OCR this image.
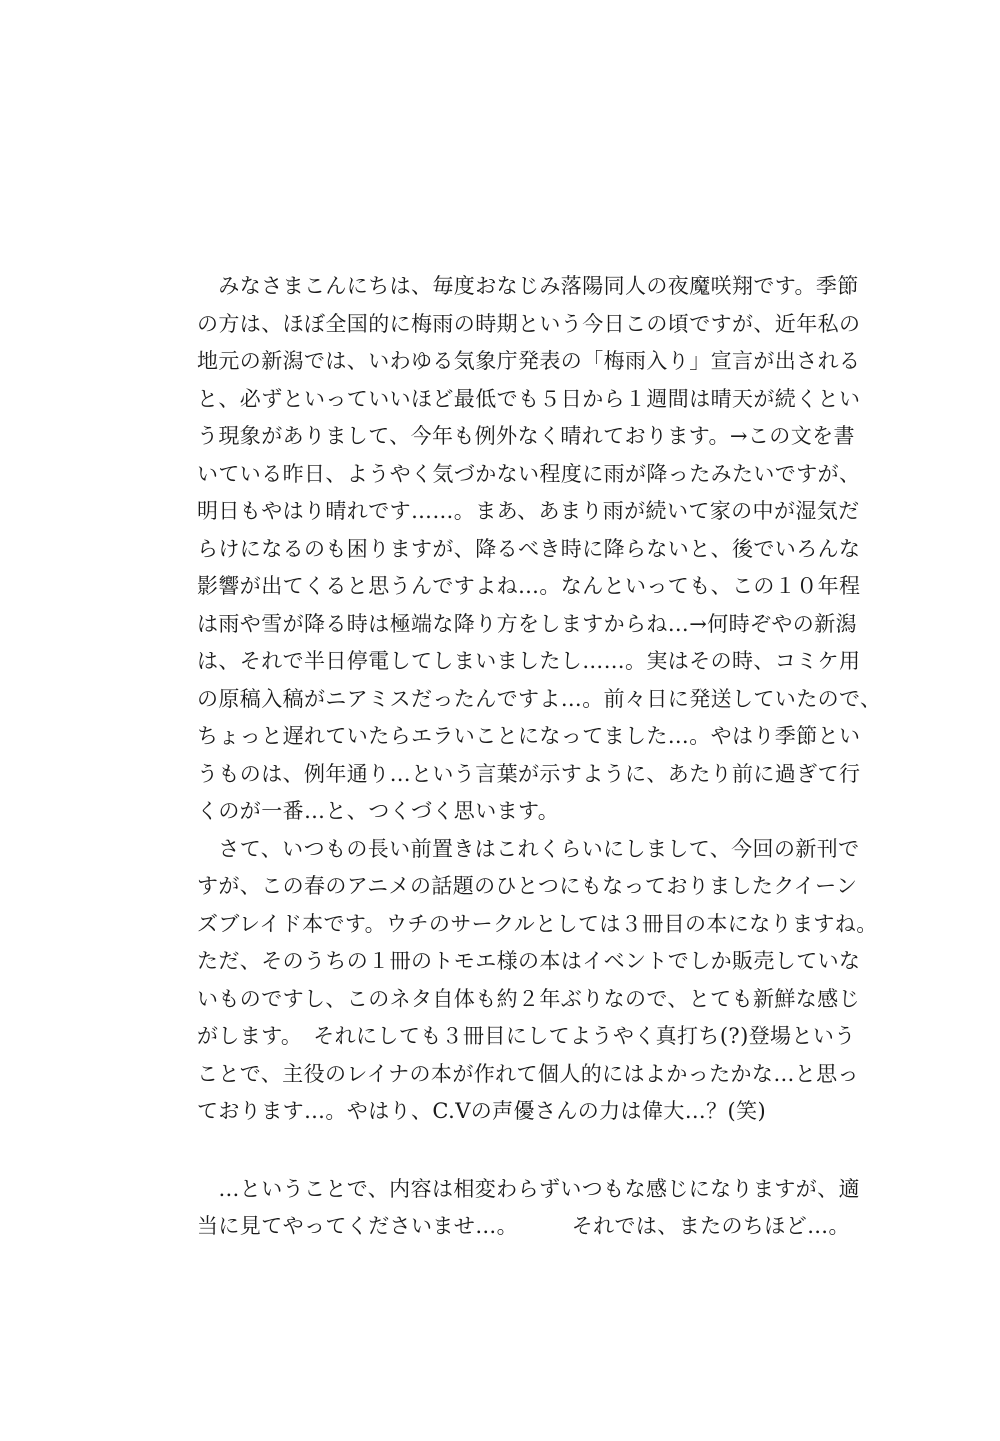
　みなさまこんにちは、毎度おなじみ落陽同人の夜魔咲翔です。季節
の方は、ほぼ全国的に梅雨の時期という今日この頃ですが、近年私の
地元の新潟では、いわゆる気象庁発表の「梅雨入り」宣言が出される
と、必ずといっていいほど最低でも５日から１週間は晴天が続くとい
う現象がありまして、今年も例外なく晴れております。→この文を書
いている昨日、ようやく気づかない程度に雨が降ったみたいですが、
明日もやはり晴れです……。まあ、あまり雨が続いて家の中が湿気だ
らけになるのも困りますが、降るべき時に降らないと、後でいろんな
影響が出てくると思うんですよね…。なんといっても、この１０年程
は雨や雪が降る時は極端な降り方をしますからね…→何時ぞやの新潟
は、それで半日停電してしまいましたし……。実はその時、コミケ用
の原稿入稿がニアミスだったんですよ…。前々日に発送していたので、
ちょっと遅れていたらエラいことになってました…。やはり季節とい
うものは、例年通り…という言葉が示すように、あたり前に過ぎて行
くのが一番…と、つくづく思います。
　さて、いつもの長い前置きはこれくらいにしまして、今回の新刊で
すが、この春のアニメの話題のひとつにもなっておりましたクイーン
ズブレイド本です。ウチのサークルとしては３冊目の本になりますね。
ただ、そのうちの１冊のトモエ様の本はイベントでしか販売していな
いものですし、このネタ自体も約２年ぶりなので、とても新鮮な感じ
がします。　それにしても３冊目にしてようやく真打ち(?)登場という
ことで、主役のレイナの本が作れて個人的にはよかったかな…と思っ
ております…。やはり、C.Vの声優さんの力は偉大…？(笑)
　…ということで、内容は相変わらずいつもな感じになりますが、適
当に見てやってくださいませ…。　　　それでは、またのちほど…。
